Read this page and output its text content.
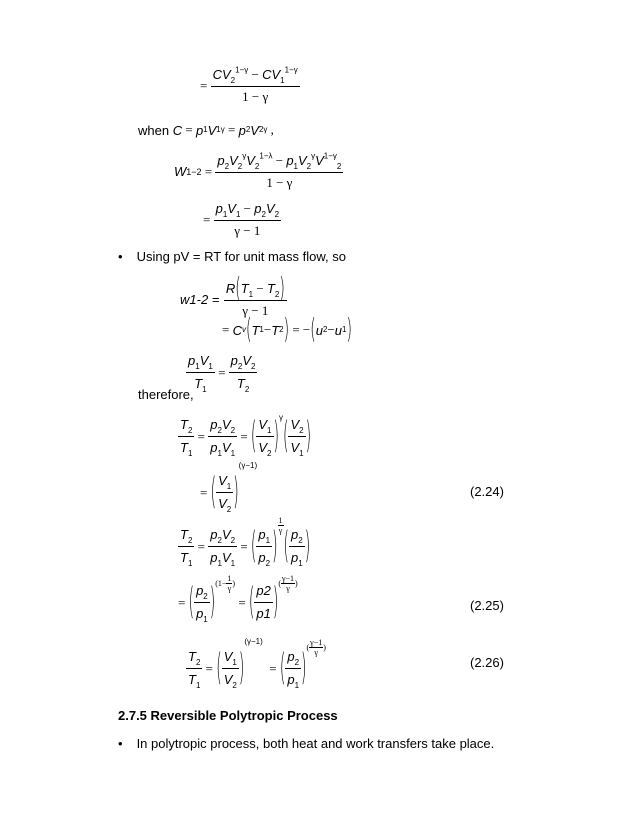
= $\frac{CV_2^{1-\gamma} - CV_1^{1-\gamma}}{1 - \gamma}$
when
C = p 1 V 1 γ = p 2 V 2 γ ,
W $1-2 = \frac{p_2V_2^\gamma V_2^{1-\lambda} - p_1V_2^\gamma V^{1-\gamma}_2}{1 - \gamma}$
= $\frac{p_1V_1 - p_2V_2}{\gamma - 1}$
• Using pV = RT for unit mass flow, so
w1-2 =
$\frac{R(T_1 - T_2)}{\gamma - 1}$
= C v ( T 1 − T 2 ) = − ( u 2 − u 1 )
$\frac{p_1V_1}{T_1} = \frac{p_2V_2}{T_2}$
therefore,
$\frac{T_2}{T_1} = \frac{p_2V_2}{p_1V_1}$ = ( $\frac{V_1}{V_2}$ ) γ ( $\frac{V_2}{V_1}$ )
= ( $\frac{V_1}{V_2}$ )
(γ−1)
(2.24)
$\frac{T_2}{T_1} = \frac{p_2V_2}{p_1V_1}$ = ( $\frac{p_1}{p_2}$ )
$\frac{1}{\gamma}$
( $\frac{p_2}{p_1}$ )
= ( $\frac{p_2}{p_1}$ ) ($1- \frac{1}{\gamma}$ )
= ( $\frac{p2}{p1}$ ) ( $\frac{\gamma-1}{\gamma}$ )
(2.25)
$\frac{T_2}{T_1}$ = ( $\frac{V_1}{V_2}$ )
(γ−1)
= ( $\frac{p_2}{p_1}$ )
( $\frac{\gamma-1}{\gamma}$ )
(2.26)
2.7.5 Reversible Polytropic Process
• In polytropic process, both heat and work transfers take place.
